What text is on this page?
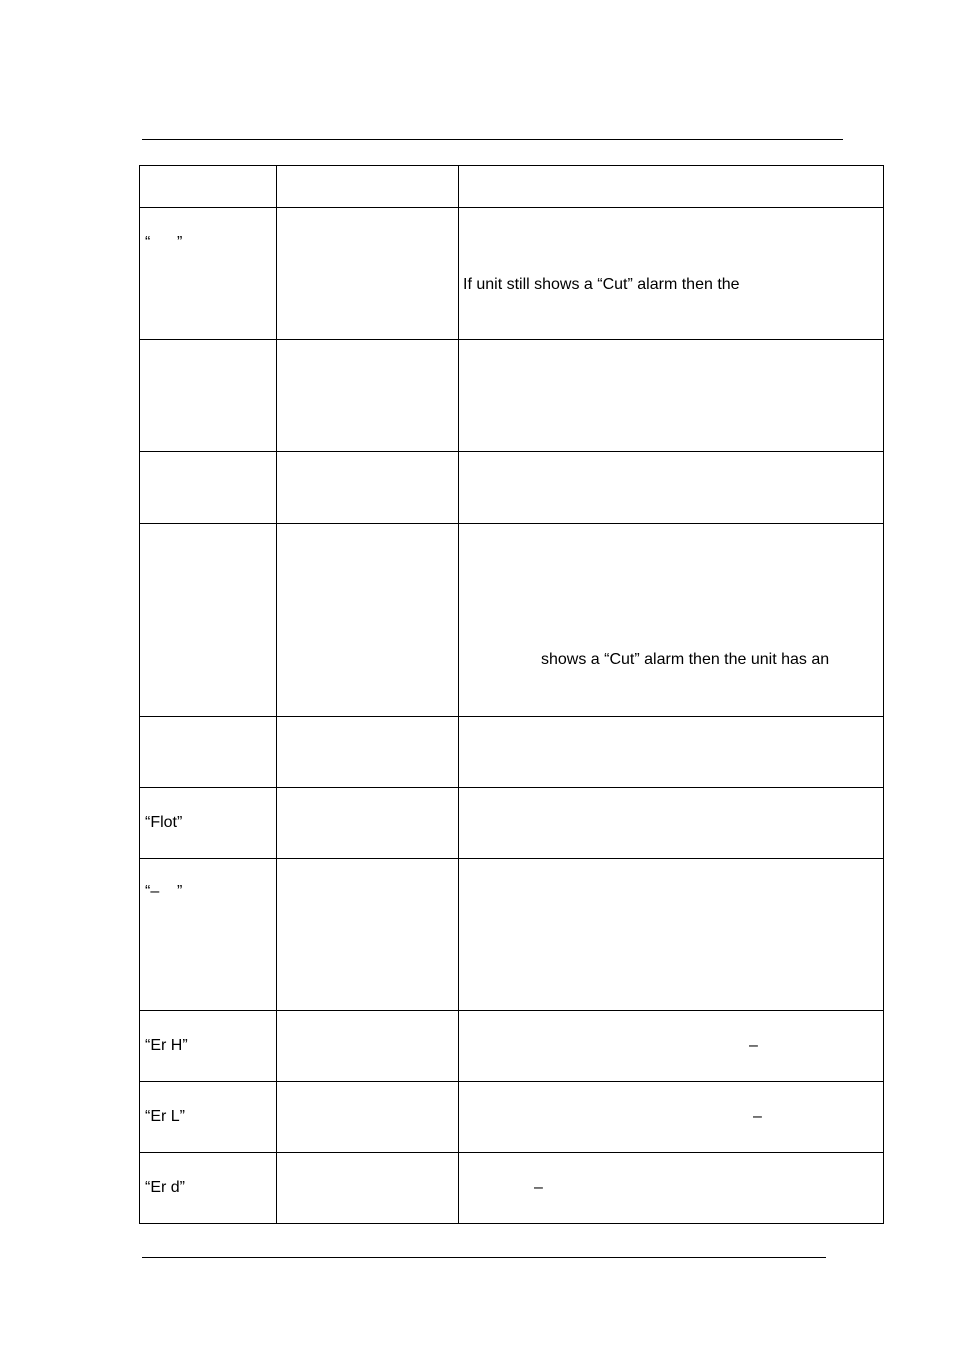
“      ”		If unit still shows a “Cut” alarm then the

		shows a “Cut” alarm then the unit has an

“Flot”		

“–    ”		

“Er H”		–

“Er L”		–

“Er d”		–
